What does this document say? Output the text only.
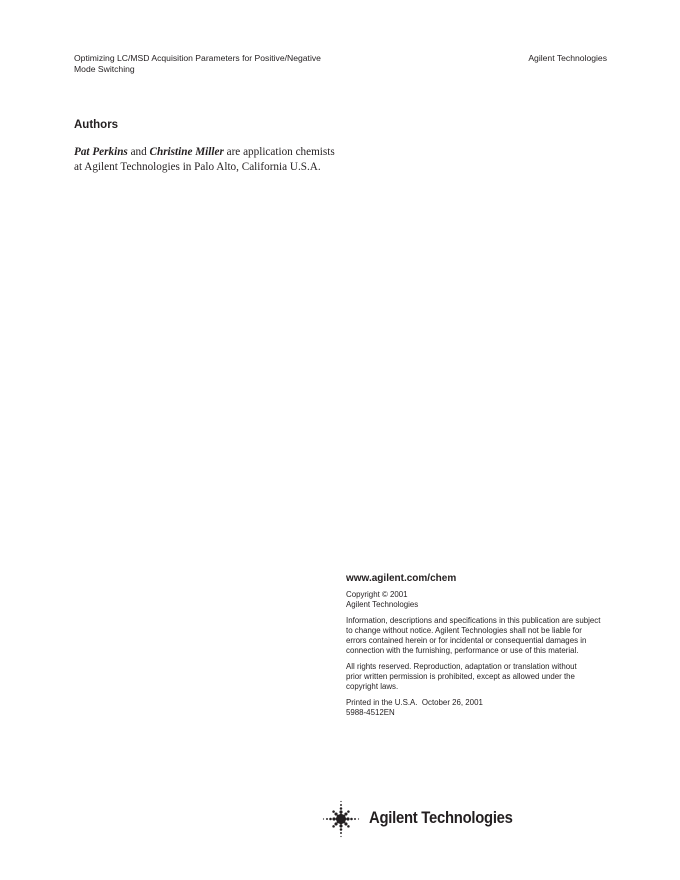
Optimizing LC/MSD Acquisition Parameters for Positive/Negative
Mode Switching
Agilent Technologies
Authors
Pat Perkins and Christine Miller are application chemists at Agilent Technologies in Palo Alto, California U.S.A.
www.agilent.com/chem

Copyright © 2001
Agilent Technologies

Information, descriptions and specifications in this publication are subject
to change without notice. Agilent Technologies shall not be liable for
errors contained herein or for incidental or consequential damages in
connection with the furnishing, performance or use of this material.

All rights reserved. Reproduction, adaptation or translation without
prior written permission is prohibited, except as allowed under the
copyright laws.

Printed in the U.S.A.  October 26, 2001
5988-4512EN

Agilent Technologies
